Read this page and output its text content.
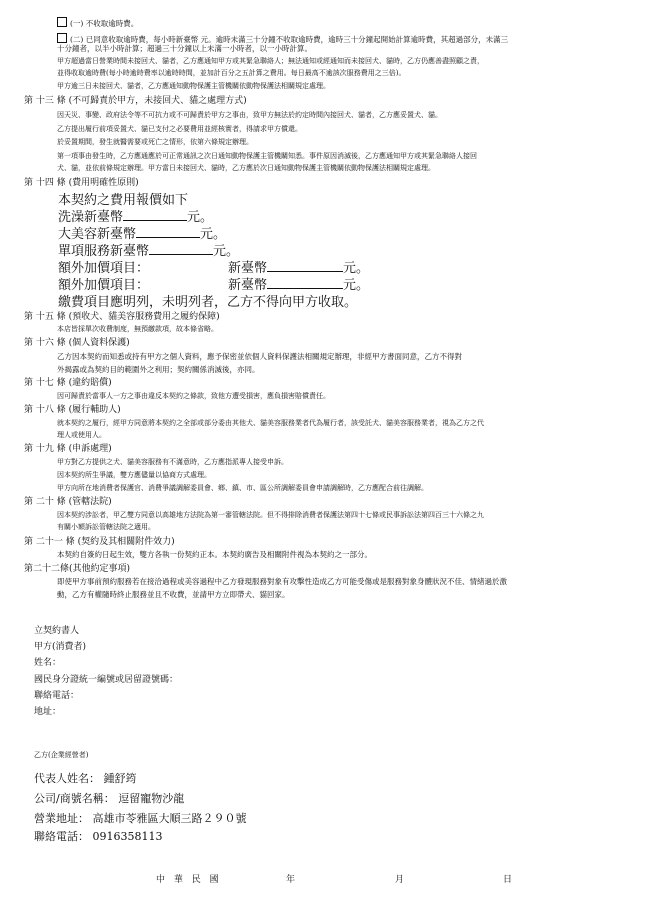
(一) 不收取逾時費。
(二) 已同意收取逾時費，每小時新臺幣 元。逾時未滿三十分鐘不收取逾時費，逾時三十分鐘起開始計算逾時費，其超過部分，未滿三
十分鐘者，以半小時計算；超過三十分鐘以上未滿一小時者，以一小時計算。
甲方超過當日營業時間未接回犬、貓者，乙方應通知甲方或其緊急聯絡人；無法通知或經通知而未接回犬、貓時，乙方仍應善盡照顧之責，
並得收取逾時費(每小時逾時費率以逾時時間，並加計百分之五計算之費用。每日最高不逾該次服務費用之三倍)。
甲方逾三日未接回犬、貓者，乙方應通知動物保護主管機關依動物保護法相關規定處理。
第 十三 條 (不可歸責於甲方，未接回犬、貓之處理方式)
因天災、事變、政府法令等不可抗力或不可歸責於甲方之事由，致甲方無法於約定時間內接回犬、貓者，乙方應妥置犬、貓。
乙方提出履行前項妥置犬、貓已支付之必要費用並經核實者，得請求甲方償還。
於妥置期間，發生就醫需要或死亡之情形，依第六條規定辦理。
第一項事由發生時，乙方應通應於可正常通訊之次日通知動物保護主管機關知悉。事件原因消滅後，乙方應通知甲方或其緊急聯絡人接回
犬、貓，並依前條規定辦理。甲方當日未接回犬、貓時，乙方應於次日通知動物保護主管機關依動物保護法相關規定處理。
第 十四 條 (費用明確性原則)
本契約之費用報價如下
洗澡新臺幣	元。
大美容新臺幣	元。
單項服務新臺幣	元。
額外加價項目：	新臺幣	元。
額外加價項目：	新臺幣	元。
繳費項目應明列，未明列者，乙方不得向甲方收取。
第 十五 條 (預收犬、貓美容服務費用之履約保障)
本店皆採單次收費制度，無預繳款項，故本條省略。
第 十六 條 (個人資料保護)
乙方因本契約而知悉或持有甲方之個人資料，應予保密並依個人資料保護法相關規定辦理，非經甲方書面同意，乙方不得對
外揭露或為契約目的範圍外之利用；契約關係消滅後，亦同。
第 十七 條 (違約賠償)
因可歸責於當事人一方之事由違反本契約之條款，致他方遭受損害，應負損害賠償責任。
第 十八 條 (履行輔助人)
就本契約之履行，經甲方同意將本契約之全部或部分委由其他犬、貓美容服務業者代為履行者，該受託犬、貓美容服務業者，視為乙方之代
理人或使用人。
第 十九 條 (申訴處理)
甲方對乙方提供之犬、貓美容服務有不滿意時，乙方應指派專人接受申訴。
因本契約所生爭議，雙方應儘量以協商方式處理。
甲方向所在地消費者保護官、消費爭議調解委員會、鄉、鎮、市、區公所調解委員會申請調解時，乙方應配合前往調解。
第 二十 條 (管轄法院)
因本契約涉訟者，甲乙雙方同意以高雄地方法院為第一審管轄法院。但不得排除消費者保護法第四十七條或民事訴訟法第四百三十六條之九
有關小額訴訟管轄法院之適用。
第 二十一 條 (契約及其相關附件效力)
本契約自簽約日起生效，雙方各執一份契約正本。本契約廣告及相關附件視為本契約之一部分。
第二十二條(其他約定事項)
即使甲方事前預約服務若在接洽過程或美容過程中乙方發現服務對象有攻擊性造成乙方可能受傷或是服務對象身體狀況不佳、情緒過於激
動，乙方有權隨時終止服務並且不收費，並請甲方立即帶犬、貓回家。
立契約書人
甲方(消費者)
姓名：
國民身分證統一編號或居留證號碼：
聯絡電話：
地址：
乙方(企業經營者)
代表人姓名： 鍾舒筠
公司/商號名稱： 逗留寵物沙龍
營業地址： 高雄市苓雅區大順三路２９０號
聯絡電話： 0916358113
中 華 民 國	年	月	日
